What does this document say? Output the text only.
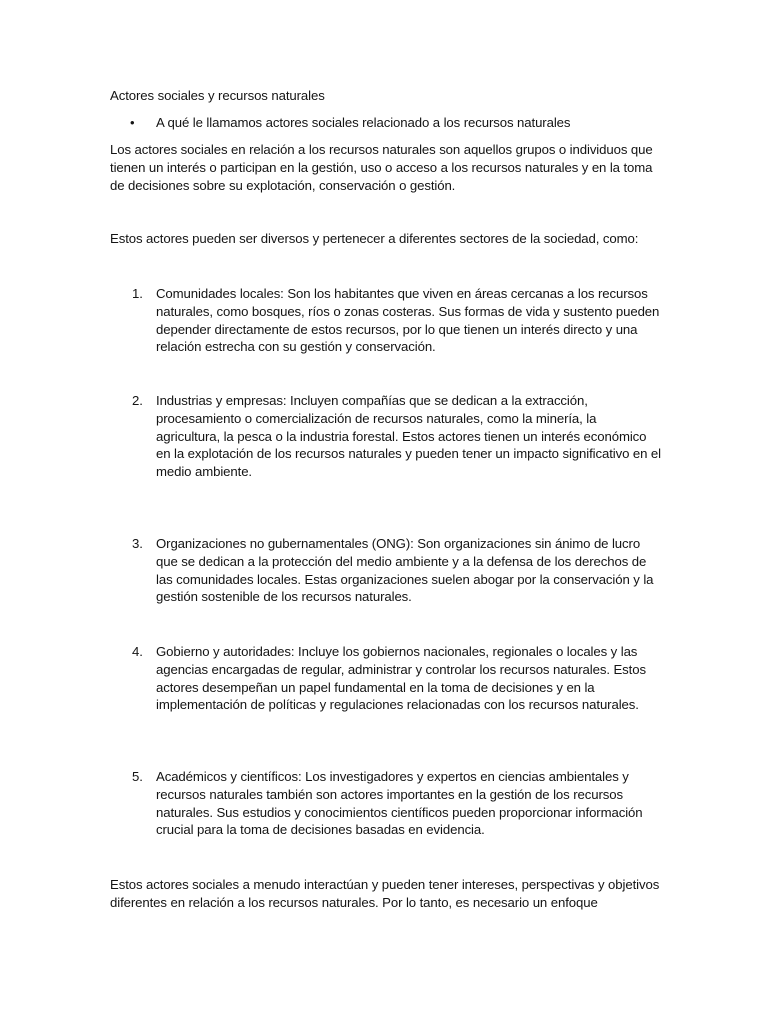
Actores sociales y recursos naturales

• A qué le llamamos actores sociales relacionado a los recursos naturales

Los actores sociales en relación a los recursos naturales son aquellos grupos o individuos que tienen un interés o participan en la gestión, uso o acceso a los recursos naturales y en la toma de decisiones sobre su explotación, conservación o gestión.

Estos actores pueden ser diversos y pertenecer a diferentes sectores de la sociedad, como:

1. Comunidades locales: Son los habitantes que viven en áreas cercanas a los recursos naturales, como bosques, ríos o zonas costeras. Sus formas de vida y sustento pueden depender directamente de estos recursos, por lo que tienen un interés directo y una relación estrecha con su gestión y conservación.
2. Industrias y empresas: Incluyen compañías que se dedican a la extracción, procesamiento o comercialización de recursos naturales, como la minería, la agricultura, la pesca o la industria forestal. Estos actores tienen un interés económico en la explotación de los recursos naturales y pueden tener un impacto significativo en el medio ambiente.
3. Organizaciones no gubernamentales (ONG): Son organizaciones sin ánimo de lucro que se dedican a la protección del medio ambiente y a la defensa de los derechos de las comunidades locales. Estas organizaciones suelen abogar por la conservación y la gestión sostenible de los recursos naturales.
4. Gobierno y autoridades: Incluye los gobiernos nacionales, regionales o locales y las agencias encargadas de regular, administrar y controlar los recursos naturales. Estos actores desempeñan un papel fundamental en la toma de decisiones y en la implementación de políticas y regulaciones relacionadas con los recursos naturales.
5. Académicos y científicos: Los investigadores y expertos en ciencias ambientales y recursos naturales también son actores importantes en la gestión de los recursos naturales. Sus estudios y conocimientos científicos pueden proporcionar información crucial para la toma de decisiones basadas en evidencia.

Estos actores sociales a menudo interactúan y pueden tener intereses, perspectivas y objetivos diferentes en relación a los recursos naturales. Por lo tanto, es necesario un enfoque
